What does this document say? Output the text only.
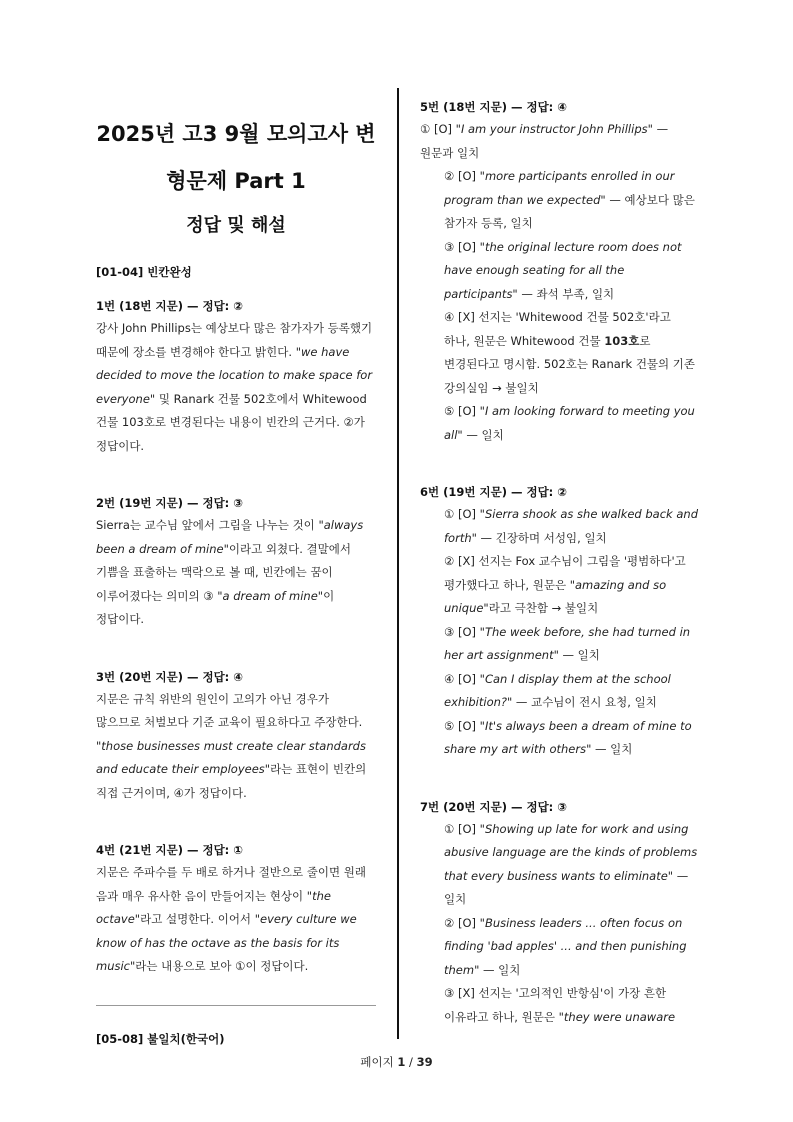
2025년 고3 9월 모의고사 변형문제 Part 1
정답 및 해설

[01-04] 빈칸완성

1번 (18번 지문) — 정답: ②

강사 John Phillips는 예상보다 많은 참가자가 등록했기 때문에 장소를 변경해야 한다고 밝힌다. "we have decided to move the location to make space for everyone" 및 Ranark 건물 502호에서 Whitewood 건물 103호로 변경된다는 내용이 빈칸의 근거다. ②가 정답이다.

2번 (19번 지문) — 정답: ③

Sierra는 교수님 앞에서 그림을 나누는 것이 "always been a dream of mine"이라고 외쳤다. 결말에서 기쁨을 표출하는 맥락으로 볼 때, 빈칸에는 꿈이 이루어졌다는 의미의 ③ "a dream of mine"이 정답이다.

3번 (20번 지문) — 정답: ④

지문은 규칙 위반의 원인이 고의가 아닌 경우가 많으므로 처벌보다 기준 교육이 필요하다고 주장한다. "those businesses must create clear standards and educate their employees"라는 표현이 빈칸의 직접 근거이며, ④가 정답이다.

4번 (21번 지문) — 정답: ①

지문은 주파수를 두 배로 하거나 절반으로 줄이면 원래 음과 매우 유사한 음이 만들어지는 현상이 "the octave"라고 설명한다. 이어서 "every culture we know of has the octave as the basis for its music"라는 내용으로 보아 ①이 정답이다.

[05-08] 불일치(한국어)

5번 (18번 지문) — 정답: ④

① [O] "I am your instructor John Phillips" — 원문과 일치

② [O] "more participants enrolled in our program than we expected" — 예상보다 많은 참가자 등록, 일치

③ [O] "the original lecture room does not have enough seating for all the participants" — 좌석 부족, 일치

④ [X] 선지는 'Whitewood 건물 502호'라고 하나, 원문은 Whitewood 건물 103호로 변경된다고 명시함. 502호는 Ranark 건물의 기존 강의실임 → 불일치

⑤ [O] "I am looking forward to meeting you all" — 일치

6번 (19번 지문) — 정답: ②

① [O] "Sierra shook as she walked back and forth" — 긴장하며 서성임, 일치

② [X] 선지는 Fox 교수님이 그림을 '평범하다'고 평가했다고 하나, 원문은 "amazing and so unique"라고 극찬함 → 불일치

③ [O] "The week before, she had turned in her art assignment" — 일치

④ [O] "Can I display them at the school exhibition?" — 교수님이 전시 요청, 일치

⑤ [O] "It's always been a dream of mine to share my art with others" — 일치

7번 (20번 지문) — 정답: ③

① [O] "Showing up late for work and using abusive language are the kinds of problems that every business wants to eliminate" — 일치

② [O] "Business leaders ... often focus on finding 'bad apples' ... and then punishing them" — 일치

③ [X] 선지는 '고의적인 반항심'이 가장 흔한 이유라고 하나, 원문은 "they were unaware

페이지 1 / 39
